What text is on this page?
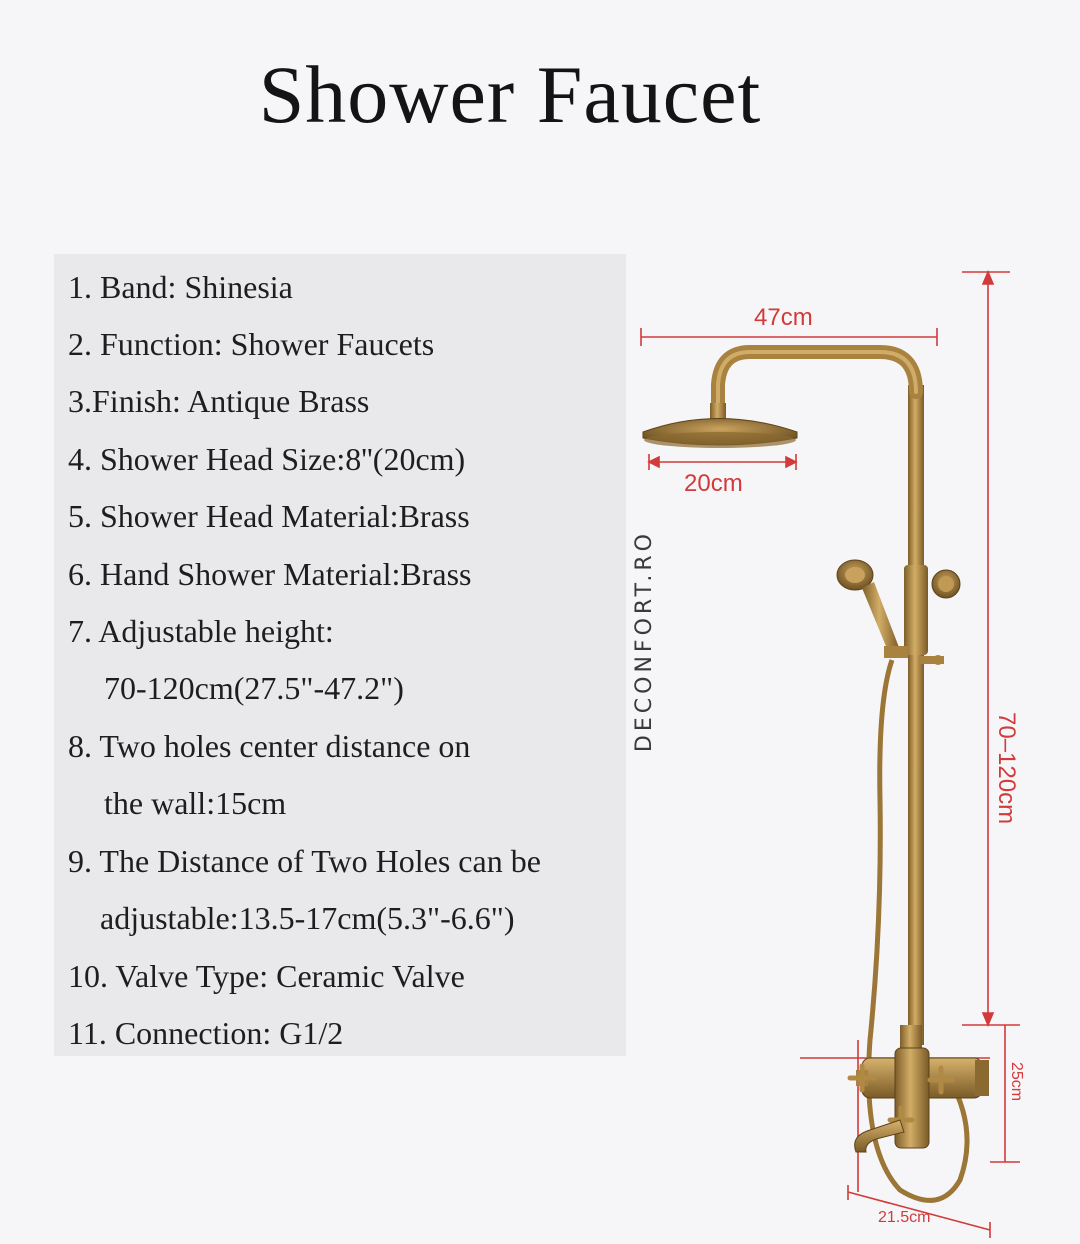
Shower Faucet
1. Band: Shinesia
2. Function: Shower Faucets
3.Finish: Antique Brass
4. Shower Head Size:8''(20cm)
5. Shower Head Material:Brass
6. Hand Shower Material:Brass
7. Adjustable height:
70-120cm(27.5"-47.2")
8. Two holes center distance on
the wall:15cm
9. The Distance of Two Holes can be
adjustable:13.5-17cm(5.3"-6.6")
10. Valve Type: Ceramic Valve
11. Connection: G1/2
DECONFORT.RO
47cm
20cm
70–120cm
25cm
21.5cm
